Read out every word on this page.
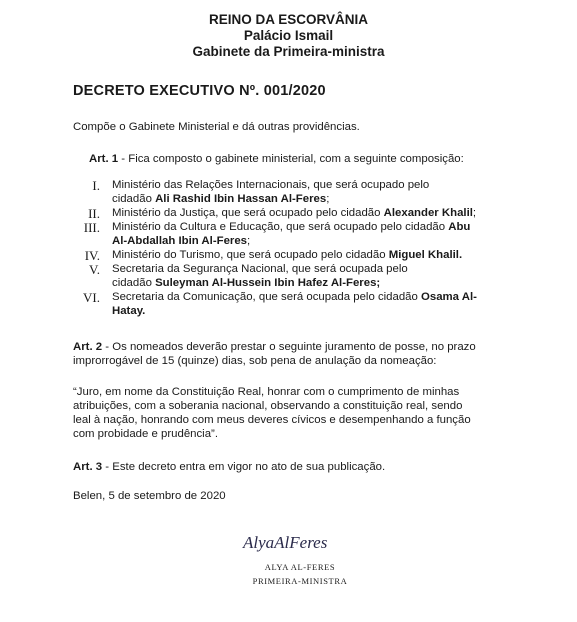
REINO DA ESCORVÂNIA
Palácio Ismail
Gabinete da Primeira-ministra
DECRETO EXECUTIVO Nº. 001/2020
Compõe o Gabinete Ministerial e dá outras providências.
Art. 1 - Fica composto o gabinete ministerial, com a seguinte composição:
I. Ministério das Relações Internacionais, que será ocupado pelo
cidadão Ali Rashid Ibin Hassan Al-Feres;
II. Ministério da Justiça, que será ocupado pelo cidadão Alexander Khalil;
III. Ministério da Cultura e Educação, que será ocupado pelo cidadão Abu
Al-Abdallah Ibin Al-Feres;
IV. Ministério do Turismo, que será ocupado pelo cidadão Miguel Khalil.
V. Secretaria da Segurança Nacional, que será ocupada pelo
cidadão Suleyman Al-Hussein Ibin Hafez Al-Feres;
VI. Secretaria da Comunicação, que será ocupada pelo cidadão Osama Al-
Hatay.
Art. 2 - Os nomeados deverão prestar o seguinte juramento de posse, no prazo
improrrogável de 15 (quinze) dias, sob pena de anulação da nomeação:
“Juro, em nome da Constituição Real, honrar com o cumprimento de minhas
atribuições, com a soberania nacional, observando a constituição real, sendo
leal à nação, honrando com meus deveres cívicos e desempenhando a função
com probidade e prudência”.
Art. 3 - Este decreto entra em vigor no ato de sua publicação.
Belen, 5 de setembro de 2020
AlyaAlFeres
ALYA AL-FERES
PRIMEIRA-MINISTRA
